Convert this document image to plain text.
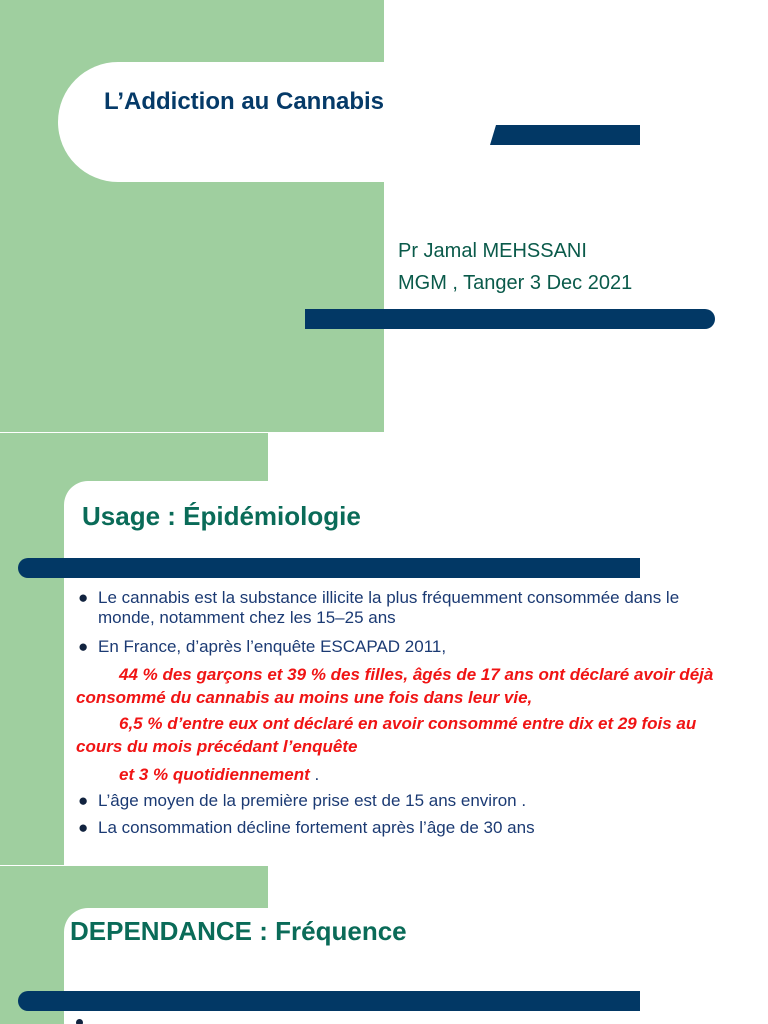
L’Addiction au Cannabis
Pr Jamal MEHSSANI
MGM , Tanger 3 Dec 2021
Usage : Épidémiologie
● Le cannabis est la substance illicite la plus fréquemment consommée dans le monde, notamment chez les 15–25 ans
● En France, d’après l’enquête ESCAPAD 2011,
44 % des garçons et 39 % des filles, âgés de 17 ans ont déclaré avoir déjà consommé du cannabis au moins une fois dans leur vie,
6,5 % d’entre eux ont déclaré en avoir consommé entre dix et 29 fois au cours du mois précédant l’enquête
et 3 % quotidiennement .
● L’âge moyen de la première prise est de 15 ans environ .
● La consommation décline fortement après l’âge de 30 ans
DEPENDANCE : Fréquence
